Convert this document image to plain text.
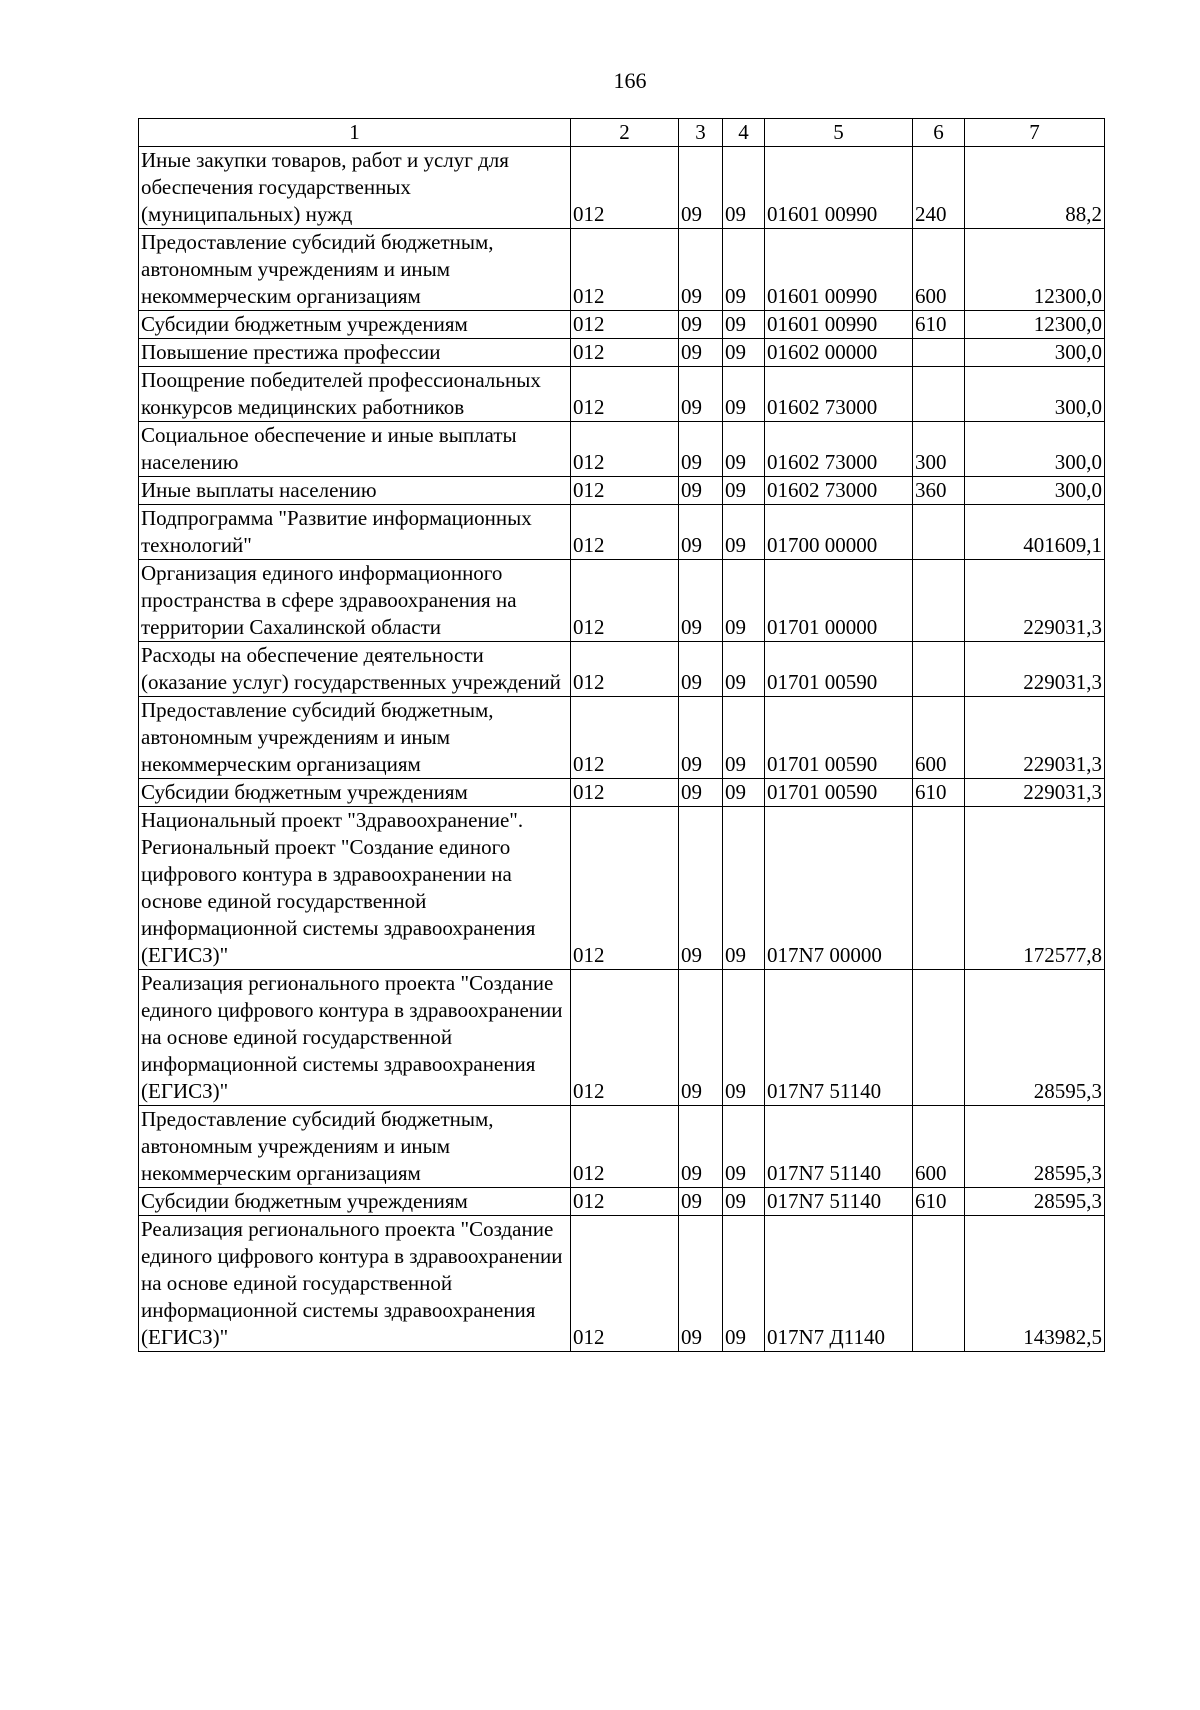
166
1	2	3	4	5	6	7

Иные закупки товаров, работ и услуг для обеспечения государственных (муниципальных) нужд	012	09	09	01601 00990	240	88,2

Предоставление субсидий бюджетным, автономным учреждениям и иным некоммерческим организациям	012	09	09	01601 00990	600	12300,0

Субсидии бюджетным учреждениям	012	09	09	01601 00990	610	12300,0

Повышение престижа профессии	012	09	09	01602 00000		300,0

Поощрение победителей профессиональных конкурсов медицинских работников	012	09	09	01602 73000		300,0

Социальное обеспечение и иные выплаты населению	012	09	09	01602 73000	300	300,0

Иные выплаты населению	012	09	09	01602 73000	360	300,0

Подпрограмма "Развитие информационных технологий"	012	09	09	01700 00000		401609,1

Организация единого информационного пространства в сфере здравоохранения на территории Сахалинской области	012	09	09	01701 00000		229031,3

Расходы на обеспечение деятельности (оказание услуг) государственных учреждений	012	09	09	01701 00590		229031,3

Предоставление субсидий бюджетным, автономным учреждениям и иным некоммерческим организациям	012	09	09	01701 00590	600	229031,3

Субсидии бюджетным учреждениям	012	09	09	01701 00590	610	229031,3

Национальный проект "Здравоохранение". Региональный проект "Создание единого цифрового контура в здравоохранении на основе единой государственной информационной системы здравоохранения (ЕГИСЗ)"	012	09	09	017N7 00000		172577,8

Реализация регионального проекта "Создание единого цифрового контура в здравоохранении на основе единой государственной информационной системы здравоохранения (ЕГИСЗ)"	012	09	09	017N7 51140		28595,3

Предоставление субсидий бюджетным, автономным учреждениям и иным некоммерческим организациям	012	09	09	017N7 51140	600	28595,3

Субсидии бюджетным учреждениям	012	09	09	017N7 51140	610	28595,3

Реализация регионального проекта "Создание единого цифрового контура в здравоохранении на основе единой государственной информационной системы здравоохранения (ЕГИСЗ)"	012	09	09	017N7 Д1140		143982,5
